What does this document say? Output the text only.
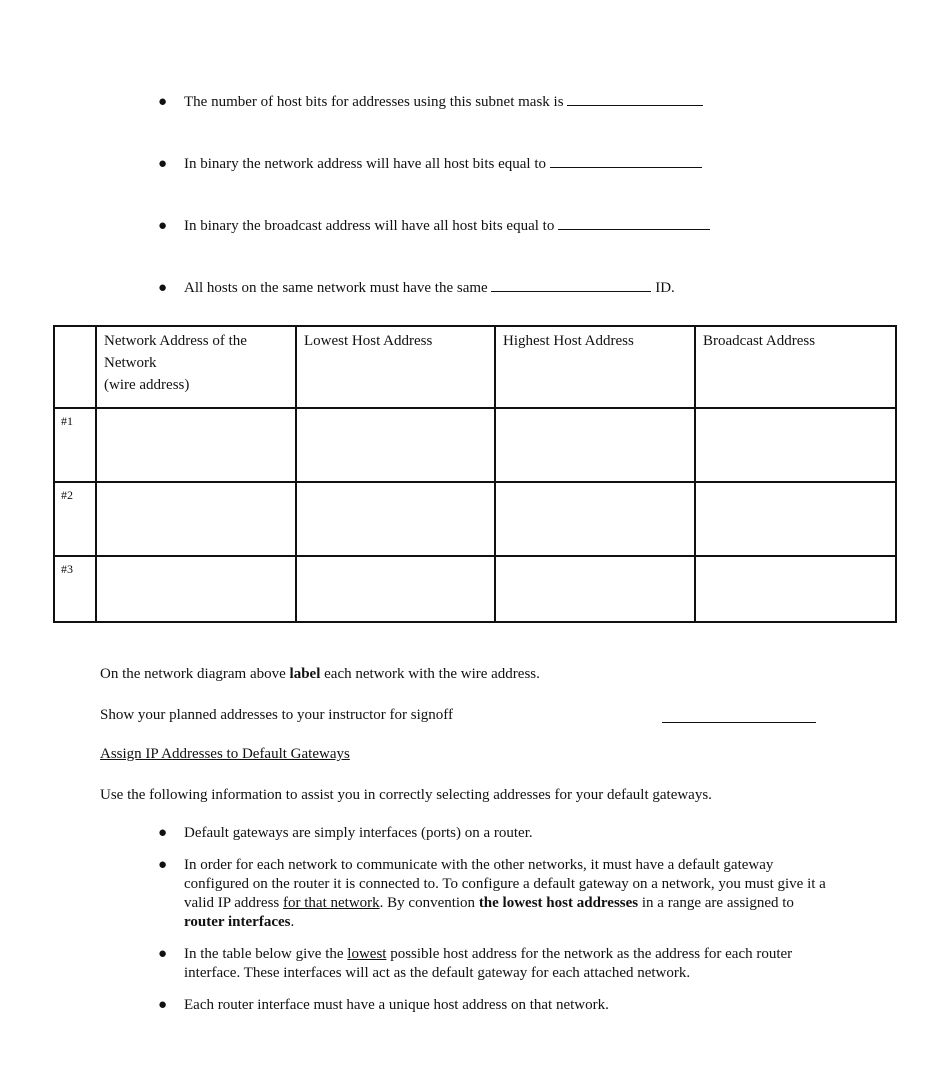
● The number of host bits for addresses using this subnet mask is
● In binary the network address will have all host bits equal to
● In binary the broadcast address will have all host bits equal to
● All hosts on the same network must have the same	ID.
	Network Address of the
Network
(wire address)	Lowest Host Address	Highest Host Address	Broadcast Address
#1				
#2				
#3				
On the network diagram above label each network with the wire address.
Show your planned addresses to your instructor for signoff
Assign IP Addresses to Default Gateways
Use the following information to assist you in correctly selecting addresses for your default gateways.
● Default gateways are simply interfaces (ports) on a router.
● In order for each network to communicate with the other networks, it must have a default gateway configured on the router it is connected to. To configure a default gateway on a network, you must give it a valid IP address for that network. By convention the lowest host addresses in a range are assigned to router interfaces.
● In the table below give the lowest possible host address for the network as the address for each router interface. These interfaces will act as the default gateway for each attached network.
● Each router interface must have a unique host address on that network.
